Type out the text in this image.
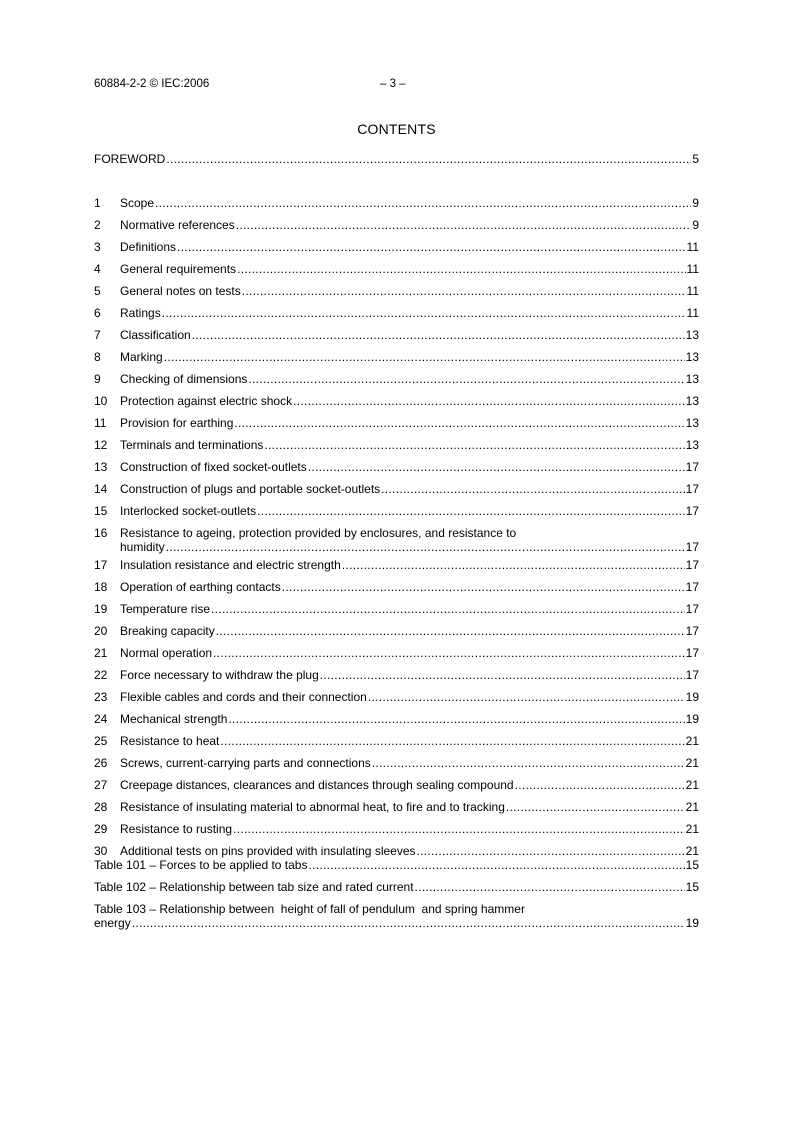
60884-2-2 © IEC:2006	– 3 –
CONTENTS
FOREWORD .....	5
1	Scope .....	9
2	Normative references .....	9
3	Definitions .....	11
4	General requirements .....	11
5	General notes on tests .....	11
6	Ratings .....	11
7	Classification .....	13
8	Marking .....	13
9	Checking of dimensions .....	13
10	Protection against electric shock .....	13
11	Provision for earthing .....	13
12	Terminals and terminations .....	13
13	Construction of fixed socket-outlets .....	17
14	Construction of plugs and portable socket-outlets .....	17
15	Interlocked socket-outlets .....	17
16	Resistance to ageing, protection provided by enclosures, and resistance to
humidity .....	17
17	Insulation resistance and electric strength .....	17
18	Operation of earthing contacts .....	17
19	Temperature rise .....	17
20	Breaking capacity .....	17
21	Normal operation .....	17
22	Force necessary to withdraw the plug .....	17
23	Flexible cables and cords and their connection .....	19
24	Mechanical strength .....	19
25	Resistance to heat .....	21
26	Screws, current-carrying parts and connections .....	21
27	Creepage distances, clearances and distances through sealing compound .....	21
28	Resistance of insulating material to abnormal heat, to fire and to tracking .....	21
29	Resistance to rusting .....	21
30	Additional tests on pins provided with insulating sleeves .....	21
Table 101 – Forces to be applied to tabs .....	15
Table 102 – Relationship between tab size and rated current .....	15
Table 103 – Relationship between  height of fall of pendulum  and spring hammer
energy .....	19
